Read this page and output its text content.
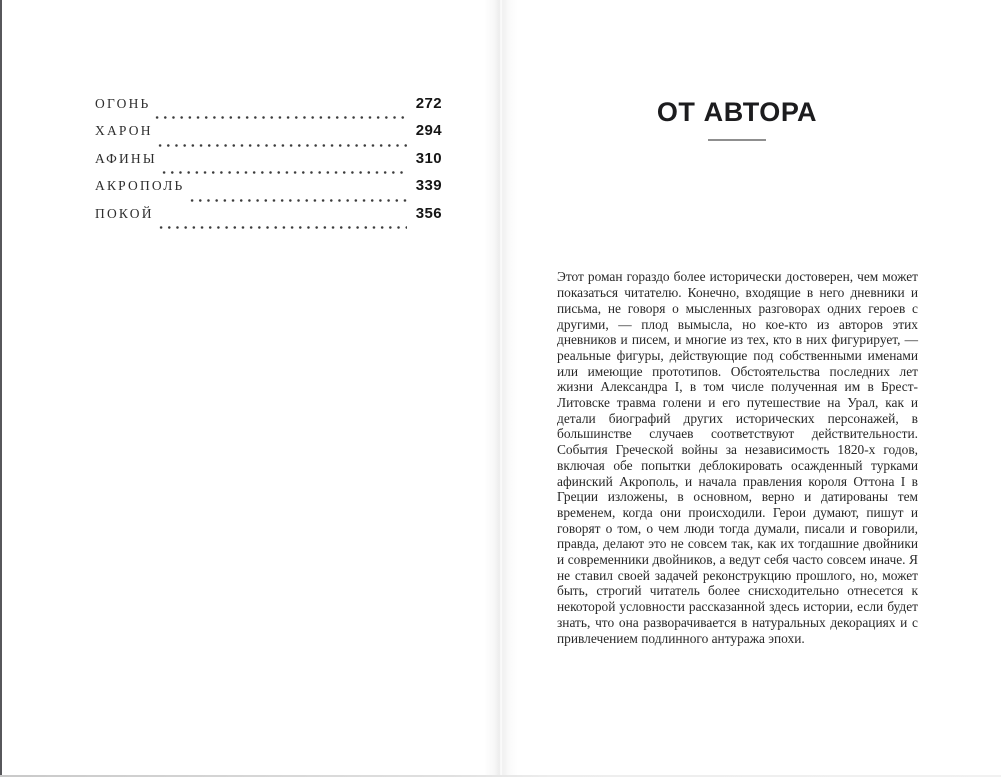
ОГОНЬ	272
ХАРОН	294
АФИНЫ	310
АКРОПОЛЬ	339
ПОКОЙ	356
ОТ АВТОРА

Этот роман гораздо более исторически достоверен, чем может показаться читателю. Конечно, входящие в него дневники и письма, не говоря о мысленных разговорах одних героев с другими, — плод вымысла, но кое-кто из авторов этих дневников и писем, и многие из тех, кто в них фигурирует, — реальные фигуры, действующие под собственными именами или имеющие прототипов. Обстоятельства последних лет жизни Александра I, в том числе полученная им в Брест-Литовске травма голени и его путешествие на Урал, как и детали биографий других исторических персонажей, в большинстве случаев соответствуют действительности. События Греческой войны за независимость 1820-х годов, включая обе попытки деблокировать осажденный турками афинский Акрополь, и начала правления короля Оттона I в Греции изложены, в основном, верно и датированы тем временем, когда они происходили. Герои думают, пишут и говорят о том, о чем люди тогда думали, писали и говорили, правда, делают это не совсем так, как их тогдашние двойники и современники двойников, а ведут себя часто совсем иначе. Я не ставил своей задачей реконструкцию прошлого, но, может быть, строгий читатель более снисходительно отнесется к некоторой условности рассказанной здесь истории, если будет знать, что она разворачивается в натуральных декорациях и с привлечением подлинного антуража эпохи.
